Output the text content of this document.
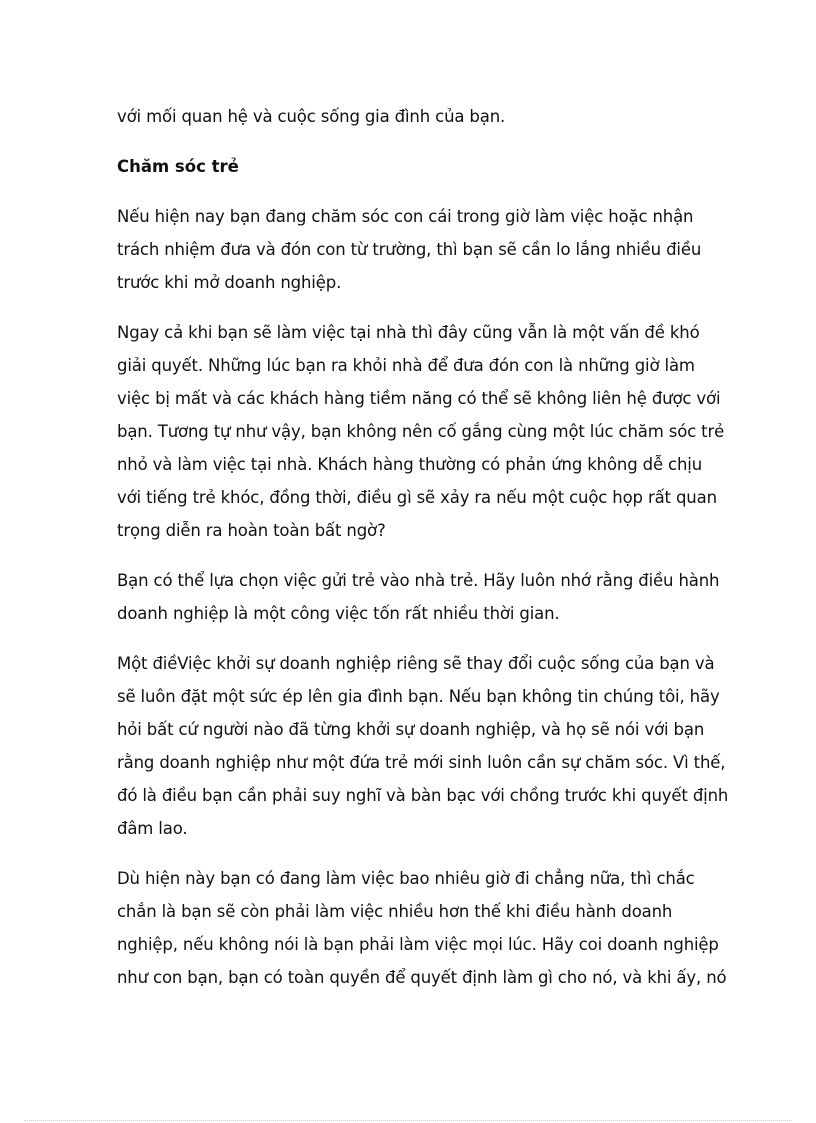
với mối quan hệ và cuộc sống gia đình của bạn.
Chăm sóc trẻ
Nếu hiện nay bạn đang chăm sóc con cái trong giờ làm việc hoặc nhận
trách nhiệm đưa và đón con từ trường, thì bạn sẽ cần lo lắng nhiều điều
trước khi mở doanh nghiệp.
Ngay cả khi bạn sẽ làm việc tại nhà thì đây cũng vẫn là một vấn đề khó
giải quyết. Những lúc bạn ra khỏi nhà để đưa đón con là những giờ làm
việc bị mất và các khách hàng tiềm năng có thể sẽ không liên hệ được với
bạn. Tương tự như vậy, bạn không nên cố gắng cùng một lúc chăm sóc trẻ
nhỏ và làm việc tại nhà. Khách hàng thường có phản ứng không dễ chịu
với tiếng trẻ khóc, đồng thời, điều gì sẽ xảy ra nếu một cuộc họp rất quan
trọng diễn ra hoàn toàn bất ngờ?
Bạn có thể lựa chọn việc gửi trẻ vào nhà trẻ. Hãy luôn nhớ rằng điều hành
doanh nghiệp là một công việc tốn rất nhiều thời gian.
Một điềViệc khởi sự doanh nghiệp riêng sẽ thay đổi cuộc sống của bạn và
sẽ luôn đặt một sức ép lên gia đình bạn. Nếu bạn không tin chúng tôi, hãy
hỏi bất cứ người nào đã từng khởi sự doanh nghiệp, và họ sẽ nói với bạn
rằng doanh nghiệp như một đứa trẻ mới sinh luôn cần sự chăm sóc. Vì thế,
đó là điều bạn cần phải suy nghĩ và bàn bạc với chồng trước khi quyết định
đâm lao.
Dù hiện này bạn có đang làm việc bao nhiêu giờ đi chẳng nữa, thì chắc
chắn là bạn sẽ còn phải làm việc nhiều hơn thế khi điều hành doanh
nghiệp, nếu không nói là bạn phải làm việc mọi lúc. Hãy coi doanh nghiệp
như con bạn, bạn có toàn quyền để quyết định làm gì cho nó, và khi ấy, nó
